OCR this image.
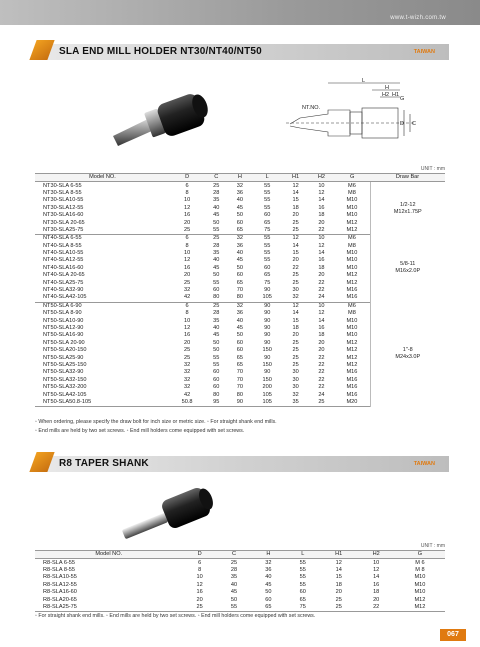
www.t-wizh.com.tw
SLA END MILL HOLDER NT30/NT40/NT50	TAIWAN
L
H
H2 H1
G
D C
NT.NO.
UNIT : mm
Model NO.	D	C	H	L	H1	H2	G	Draw Bar
NT30-SLA 6-55	6	25	32	55	12	10	M6	1/2-12
M12x1.75P

NT30-SLA 8-55	8	28	36	55	14	12	M8	
NT30-SLA10-55	10	35	40	55	15	14	M10	
NT30-SLA12-55	12	40	45	55	18	16	M10	
NT30-SLA16-60	16	45	50	60	20	18	M10	
NT30-SLA 20-65	20	50	60	65	25	20	M12	
NT30-SLA25-75	25	55	65	75	25	22	M12	
NT40-SLA 6-55	6	25	32	55	12	10	M6	5/8-11
M16x2.0P

NT40-SLA 8-55	8	28	36	55	14	12	M8	
NT40-SLA10-55	10	35	40	55	15	14	M10	
NT40-SLA12-55	12	40	45	55	20	16	M10	
NT40-SLA16-60	16	45	50	60	22	18	M10	
NT40-SLA 20-65	20	50	60	65	25	20	M12	
NT40-SLA25-75	25	55	65	75	25	22	M12	
NT40-SLA32-90	32	60	70	90	30	22	M16	
NT40-SLA42-105	42	80	80	105	32	24	M16	
NT50-SLA 6-90	6	25	32	90	12	10	M6	1"-8
M24x3.0P

NT50-SLA 8-90	8	28	36	90	14	12	M8	
NT50-SLA10-90	10	35	40	90	15	14	M10	
NT50-SLA12-90	12	40	45	90	18	16	M10	
NT50-SLA16-90	16	45	50	90	20	18	M10	
NT50-SLA 20-90	20	50	60	90	25	20	M12	
NT50-SLA20-150	25	50	60	150	25	20	M12	
NT50-SLA25-90	25	55	65	90	25	22	M12	
NT50-SLA25-150	32	55	65	150	25	22	M12	
NT50-SLA32-90	32	60	70	90	30	22	M16	
NT50-SLA32-150	32	60	70	150	30	22	M16	
NT50-SLA32-200	32	60	70	200	30	22	M16	
NT50-SLA42-105	42	80	80	105	32	24	M16	
NT50-SLA50.8-105	50.8	95	90	105	35	25	M20	
◦ When ordering, please specify the draw bolt for inch size or metric size. ◦ For straight shank end mills.
◦ End mills are held by two set screws. ◦ End mill holders come equipped with set screws.
R8 TAPER SHANK	TAIWAN
UNIT : mm
Model NO.	D	C	H	L	H1	H2	G
R8-SLA 6-55	6	25	32	55	12	10	M 6
R8-SLA 8-55	8	28	36	55	14	12	M 8
R8-SLA10-55	10	35	40	55	15	14	M10
R8-SLA12-55	12	40	45	55	18	16	M10
R8-SLA16-60	16	45	50	60	20	18	M10
R8-SLA20-65	20	50	60	65	25	20	M12
R8-SLA25-75	25	55	65	75	25	22	M12
◦ For straight shank end mills. ◦ End mills are held by two set screws. ◦ End mill holders come equipped with set screws.
067
